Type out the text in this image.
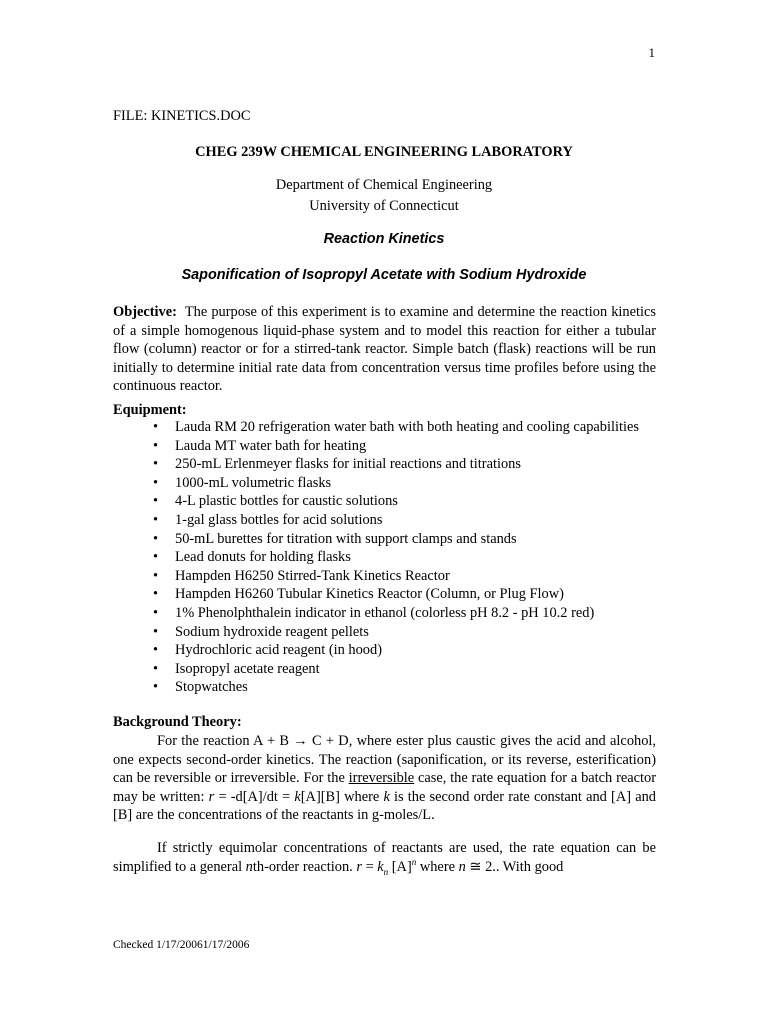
1
FILE: KINETICS.DOC
CHEG 239W CHEMICAL ENGINEERING LABORATORY
Department of Chemical Engineering
University of Connecticut
Reaction Kinetics
Saponification of Isopropyl Acetate with Sodium Hydroxide

Objective: The purpose of this experiment is to examine and determine the reaction kinetics of a simple homogenous liquid-phase system and to model this reaction for either a tubular flow (column) reactor or for a stirred-tank reactor. Simple batch (flask) reactions will be run initially to determine initial rate data from concentration versus time profiles before using the continuous reactor.

Equipment:
• Lauda RM 20 refrigeration water bath with both heating and cooling capabilities
• Lauda MT water bath for heating
• 250-mL Erlenmeyer flasks for initial reactions and titrations
• 1000-mL volumetric flasks
• 4-L plastic bottles for caustic solutions
• 1-gal glass bottles for acid solutions
• 50-mL burettes for titration with support clamps and stands
• Lead donuts for holding flasks
• Hampden H6250 Stirred-Tank Kinetics Reactor
• Hampden H6260 Tubular Kinetics Reactor (Column, or Plug Flow)
• 1% Phenolphthalein indicator in ethanol (colorless pH 8.2 - pH 10.2 red)
• Sodium hydroxide reagent pellets
• Hydrochloric acid reagent (in hood)
• Isopropyl acetate reagent
• Stopwatches
Background Theory:

For the reaction A + B → C + D, where ester plus caustic gives the acid and alcohol, one expects second-order kinetics. The reaction (saponification, or its reverse, esterification) can be reversible or irreversible. For the irreversible case, the rate equation for a batch reactor may be written: r = -d[A]/dt = k[A][B] where k is the second order rate constant and [A] and [B] are the concentrations of the reactants in g-moles/L.

If strictly equimolar concentrations of reactants are used, the rate equation can be simplified to a general nth-order reaction. $r = k_n$ $[A]^n$ where n ≅ 2.. With good

Checked 1/17/20061/17/2006
